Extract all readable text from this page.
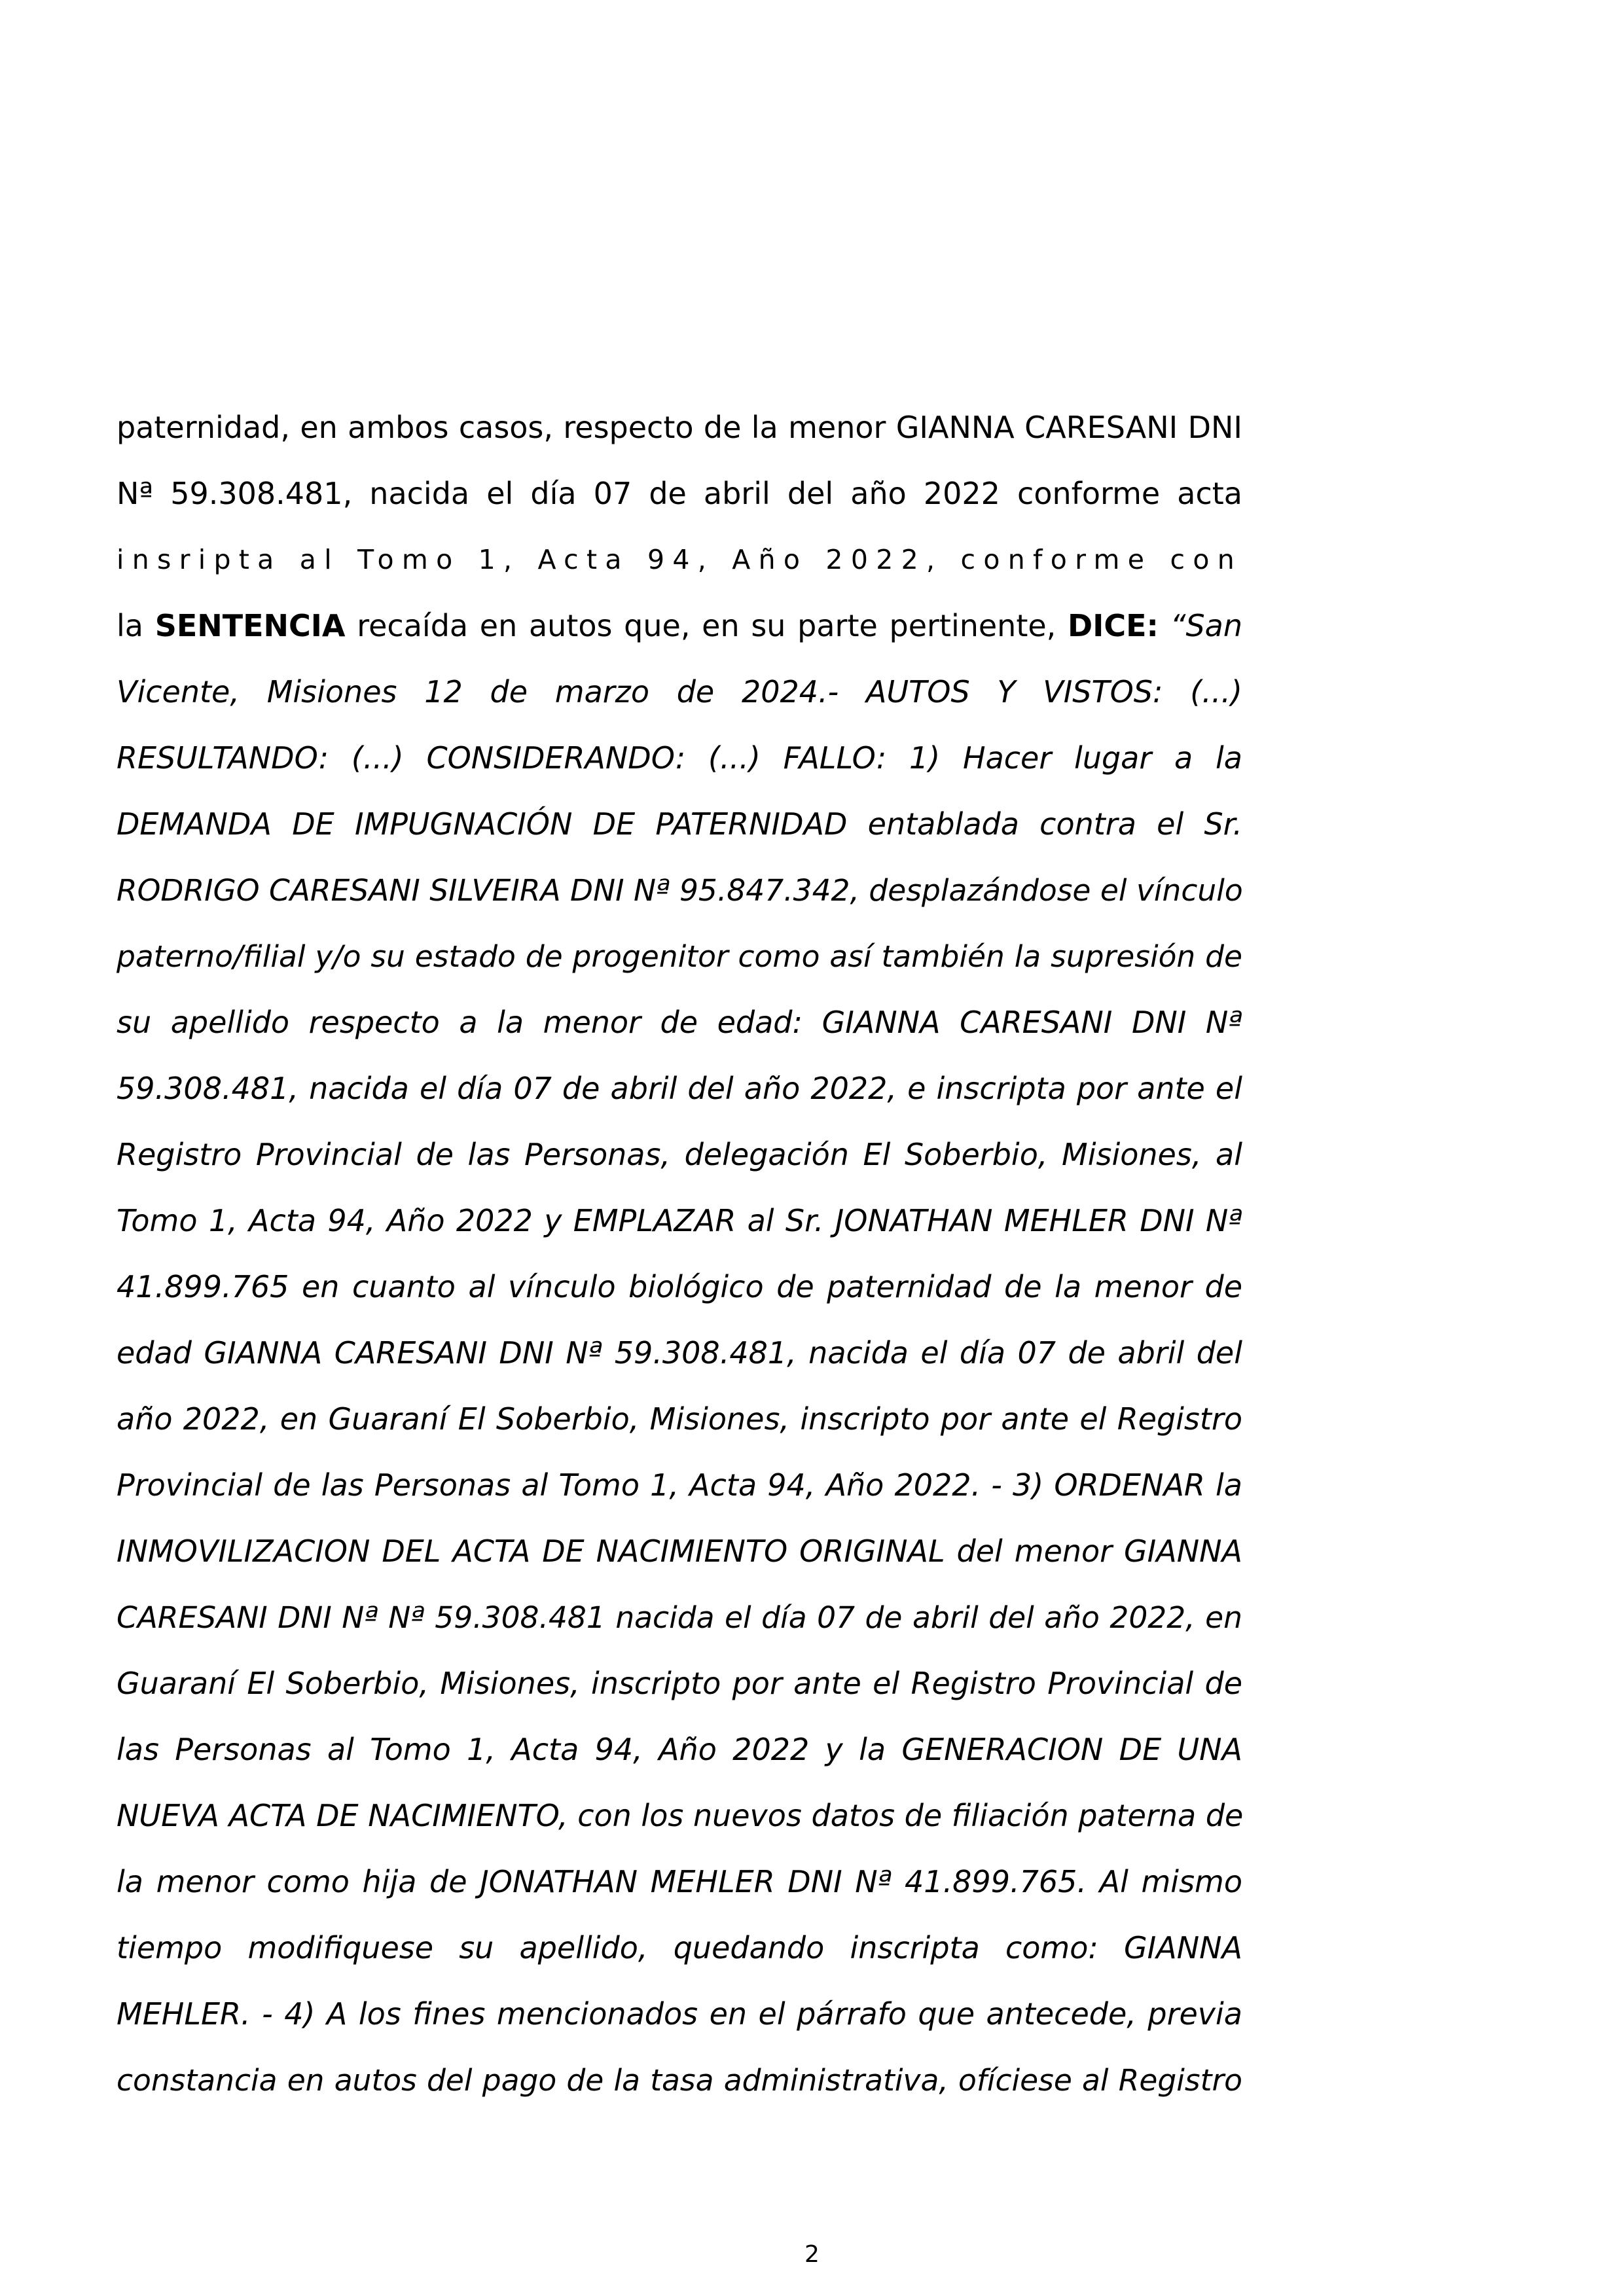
paternidad, en ambos casos, respecto de la menor GIANNA CARESANI DNI
Nª 59.308.481, nacida el día 07 de abril del año 2022 conforme acta
insripta al Tomo 1, Acta 94, Año 2022, conforme con
la SENTENCIA recaída en autos que, en su parte pertinente, DICE: “San
Vicente, Misiones 12 de marzo de 2024.- AUTOS Y VISTOS: (...)
RESULTANDO: (...) CONSIDERANDO: (...) FALLO: 1) Hacer lugar a la
DEMANDA DE IMPUGNACIÓN DE PATERNIDAD entablada contra el Sr.
RODRIGO CARESANI SILVEIRA DNI Nª 95.847.342, desplazándose el vínculo
paterno/filial y/o su estado de progenitor como así también la supresión de
su apellido respecto a la menor de edad: GIANNA CARESANI DNI Nª
59.308.481, nacida el día 07 de abril del año 2022, e inscripta por ante el
Registro Provincial de las Personas, delegación El Soberbio, Misiones, al
Tomo 1, Acta 94, Año 2022 y EMPLAZAR al Sr. JONATHAN MEHLER DNI Nª
41.899.765 en cuanto al vínculo biológico de paternidad de la menor de
edad GIANNA CARESANI DNI Nª 59.308.481, nacida el día 07 de abril del
año 2022, en Guaraní El Soberbio, Misiones, inscripto por ante el Registro
Provincial de las Personas al Tomo 1, Acta 94, Año 2022. - 3) ORDENAR la
INMOVILIZACION DEL ACTA DE NACIMIENTO ORIGINAL del menor GIANNA
CARESANI DNI Nª Nª 59.308.481 nacida el día 07 de abril del año 2022, en
Guaraní El Soberbio, Misiones, inscripto por ante el Registro Provincial de
las Personas al Tomo 1, Acta 94, Año 2022 y la GENERACION DE UNA
NUEVA ACTA DE NACIMIENTO, con los nuevos datos de filiación paterna de
la menor como hija de JONATHAN MEHLER DNI Nª 41.899.765. Al mismo
tiempo modifiquese su apellido, quedando inscripta como: GIANNA
MEHLER. - 4) A los fines mencionados en el párrafo que antecede, previa
constancia en autos del pago de la tasa administrativa, ofíciese al Registro
2
